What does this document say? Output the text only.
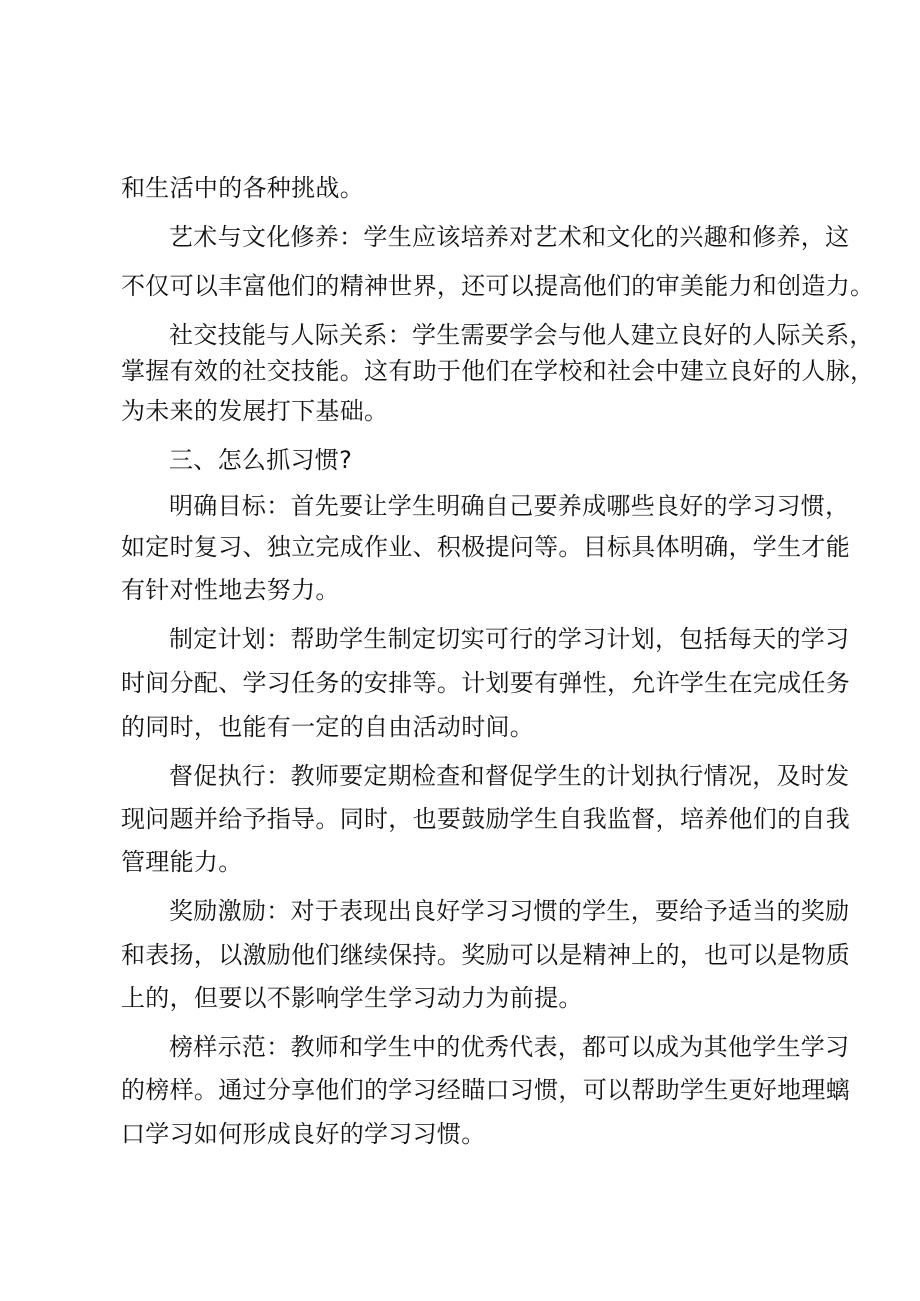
和生活中的各种挑战。
艺术与文化修养：学生应该培养对艺术和文化的兴趣和修养，这
不仅可以丰富他们的精神世界，还可以提高他们的审美能力和创造力。
社交技能与人际关系：学生需要学会与他人建立良好的人际关系，
掌握有效的社交技能。这有助于他们在学校和社会中建立良好的人脉，
为未来的发展打下基础。
三、怎么抓习惯?
明确目标：首先要让学生明确自己要养成哪些良好的学习习惯，
如定时复习、独立完成作业、积极提问等。目标具体明确，学生才能
有针对性地去努力。
制定计划：帮助学生制定切实可行的学习计划，包括每天的学习
时间分配、学习任务的安排等。计划要有弹性，允许学生在完成任务
的同时，也能有一定的自由活动时间。
督促执行：教师要定期检查和督促学生的计划执行情况，及时发
现问题并给予指导。同时，也要鼓励学生自我监督，培养他们的自我
管理能力。
奖励激励：对于表现出良好学习习惯的学生，要给予适当的奖励
和表扬，以激励他们继续保持。奖励可以是精神上的，也可以是物质
上的，但要以不影响学生学习动力为前提。
榜样示范：教师和学生中的优秀代表，都可以成为其他学生学习
的榜样。通过分享他们的学习经瞄口习惯，可以帮助学生更好地理螭
口学习如何形成良好的学习习惯。
